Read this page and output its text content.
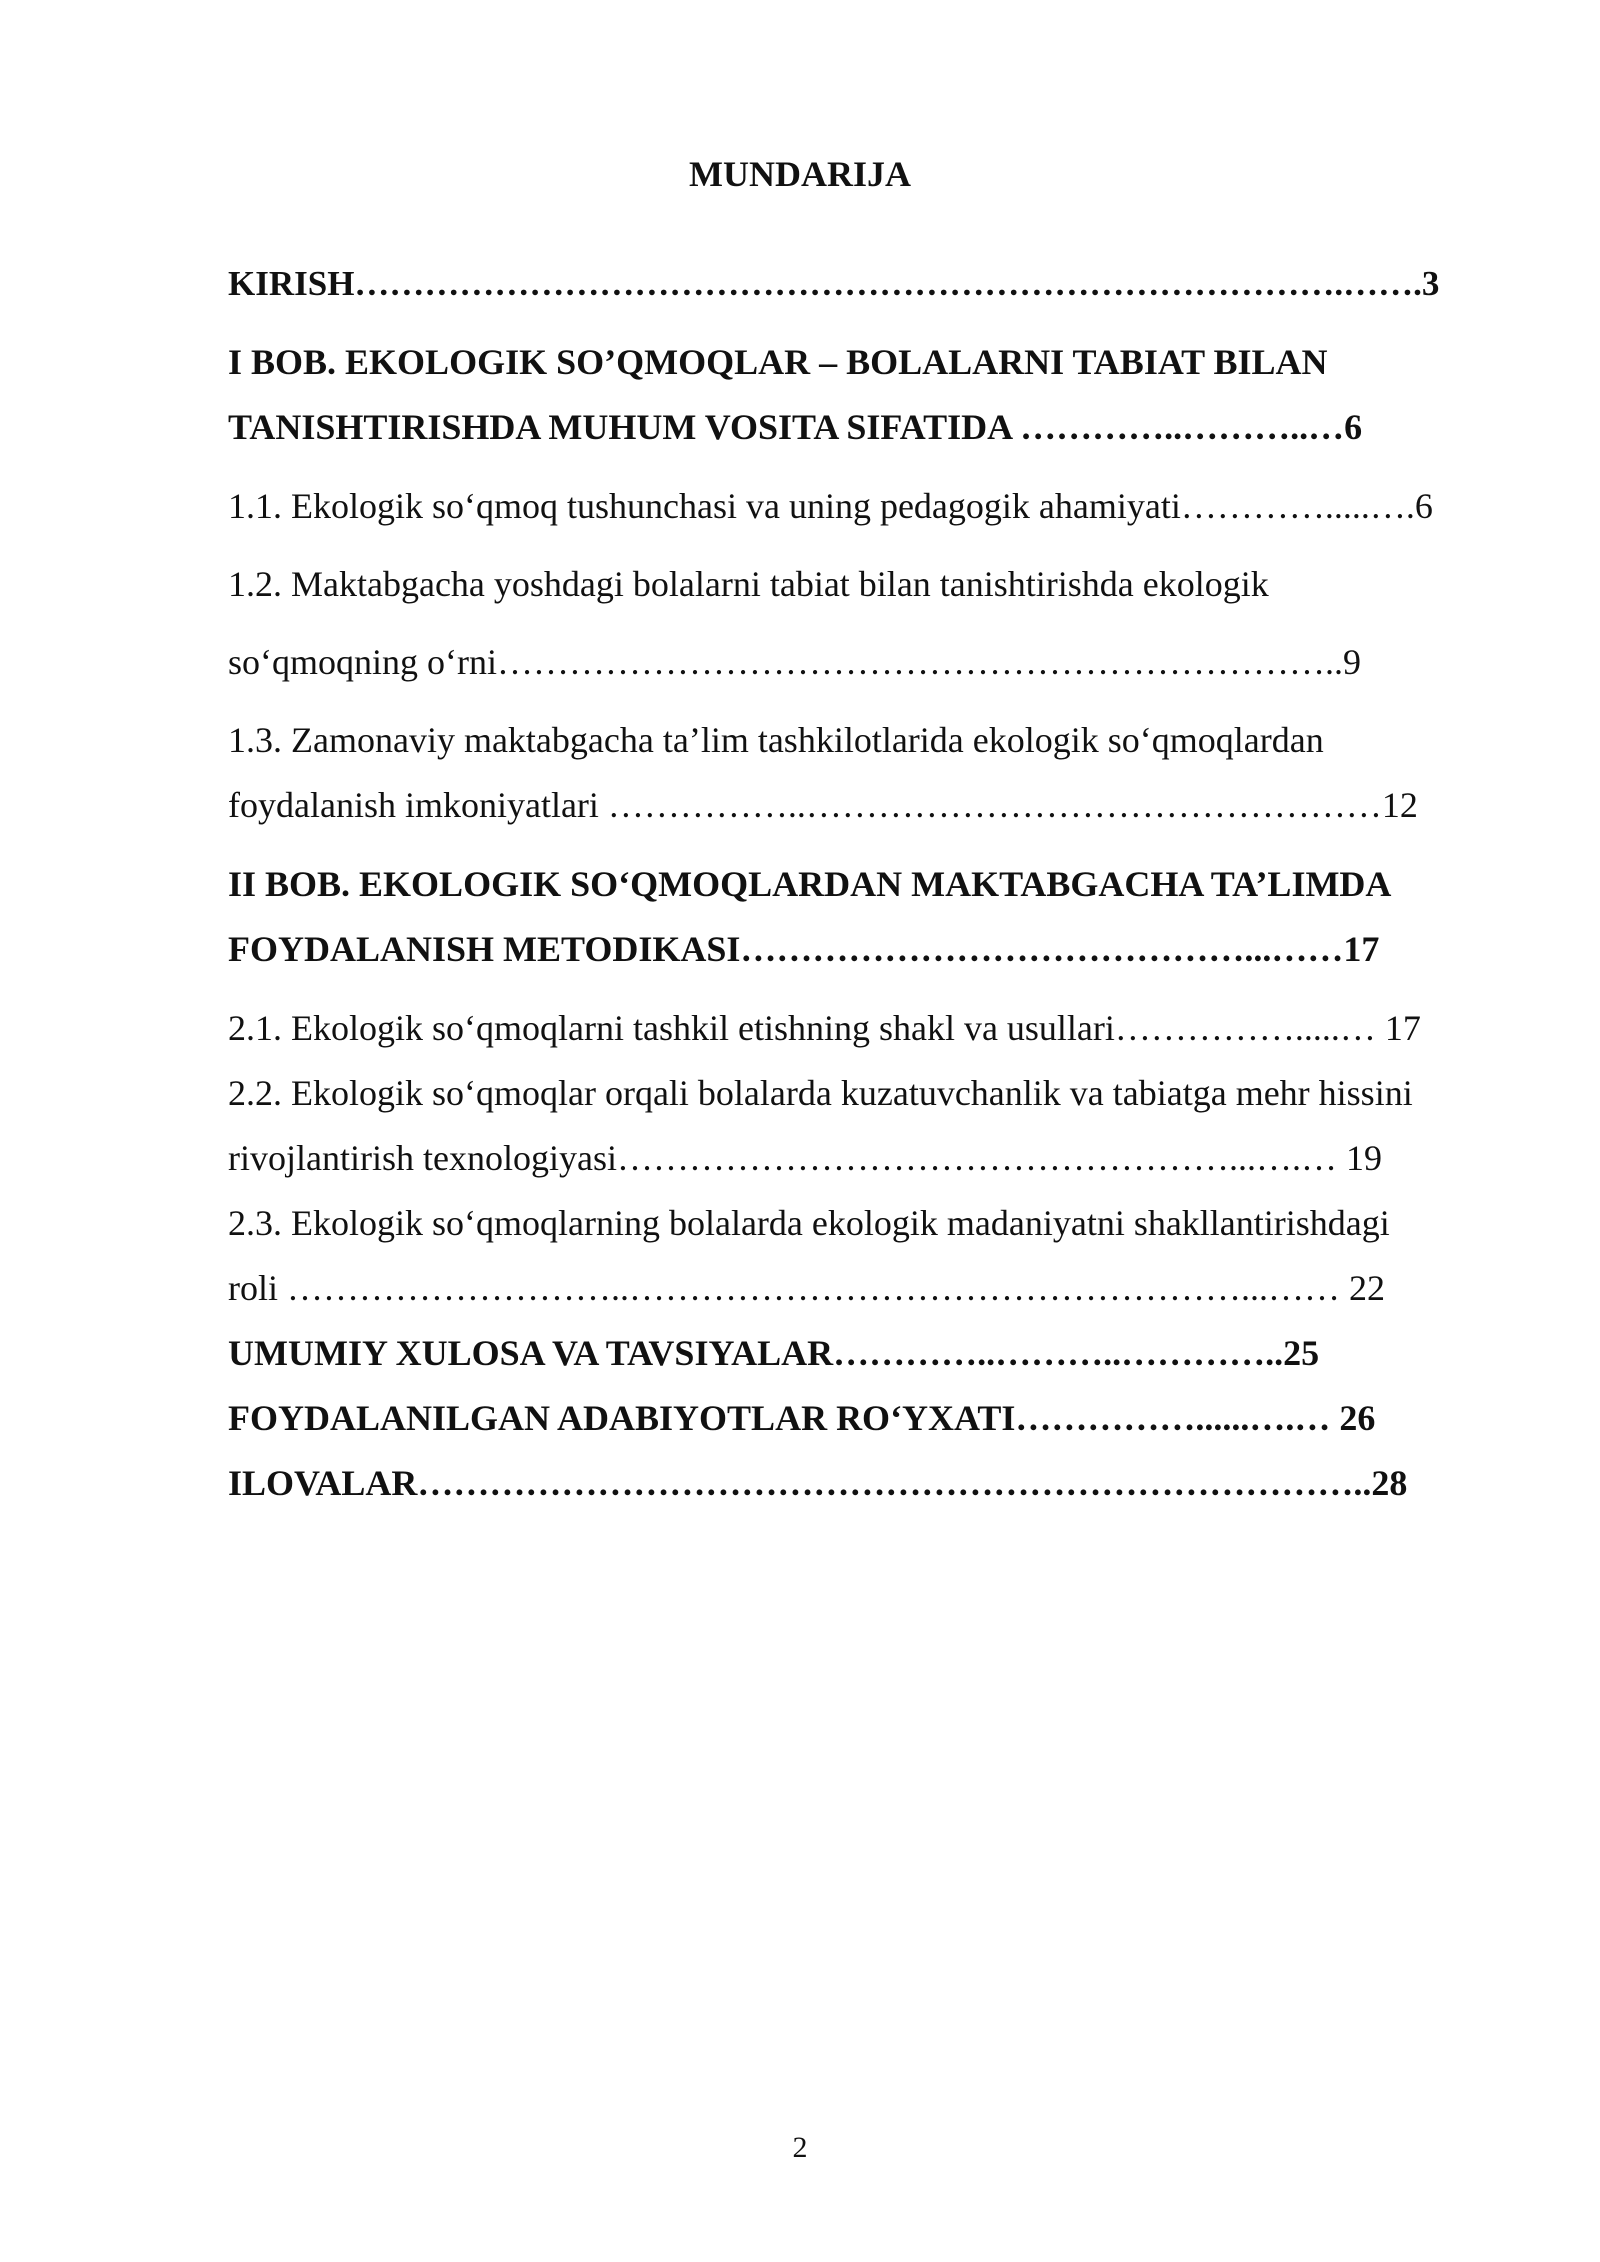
MUNDARIJA
KIRISH………………………………………………………………………….…….3
I BOB. EKOLOGIK SO’QMOQLAR – BOLALARNI TABIAT BILAN
TANISHTIRISHDA MUHUM VOSITA SIFATIDA …………..………..…6
1.1. Ekologik so‘qmoq tushunchasi va uning pedagogik ahamiyati………….....….6
1.2. Maktabgacha yoshdagi bolalarni tabiat bilan tanishtirishda ekologik
so‘qmoqning o‘rni……………………………………………………………..9
1.3. Zamonaviy maktabgacha ta’lim tashkilotlarida ekologik so‘qmoqlardan
foydalanish imkoniyatlari ……………..…………………………………………12
II BOB. EKOLOGIK SO‘QMOQLARDAN MAKTABGACHA TA’LIMDA
FOYDALANISH METODIKASI……………………………………...……17
2.1. Ekologik so‘qmoqlarni tashkil etishning shakl va usullari…………….....… 17
2.2. Ekologik so‘qmoqlar orqali bolalarda kuzatuvchanlik va tabiatga mehr hissini
rivojlantirish texnologiyasi……………………………………………...….… 19
2.3. Ekologik so‘qmoqlarning bolalarda ekologik madaniyatni shakllantirishdagi
roli ………………………..……………………………………………...…… 22
UMUMIY XULOSA VA TAVSIYALAR…………..………..…………..25
FOYDALANILGAN ADABIYOTLAR RO‘YXATI……………......….… 26
ILOVALAR……………………………………………………………………..28
2
